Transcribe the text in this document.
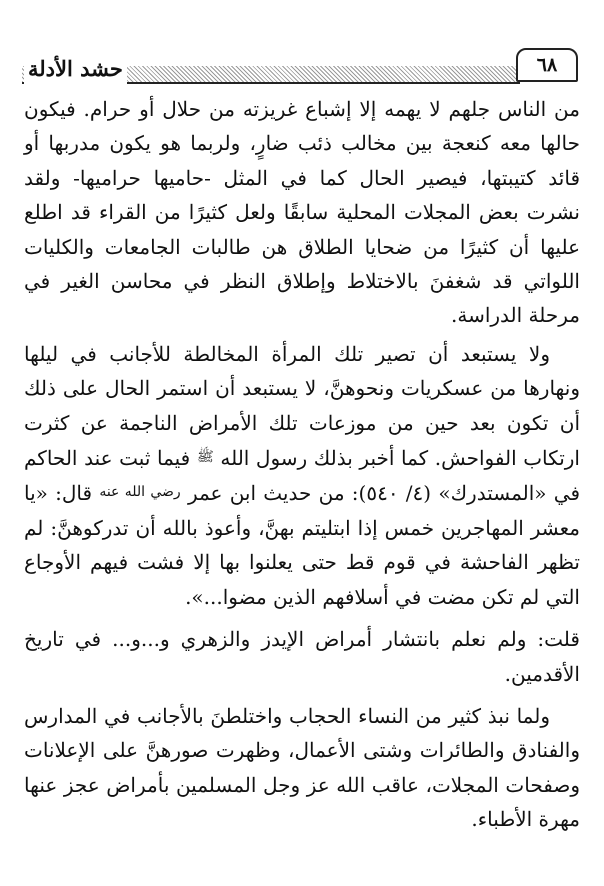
حشد الأدلة	٦٨

من الناس جلهم لا يهمه إلا إشباع غريزته من حلال أو حرام. فيكون حالها معه كنعجة بين مخالب ذئب ضارٍ، ولربما هو يكون مدربها أو قائد كتيبتها، فيصير الحال كما في المثل -حاميها حراميها- ولقد نشرت بعض المجلات المحلية سابقًا ولعل كثيرًا من القراء قد اطلع عليها أن كثيرًا من ضحايا الطلاق هن طالبات الجامعات والكليات اللواتي قد شغفنَ بالاختلاط وإطلاق النظر في محاسن الغير في مرحلة الدراسة.

ولا يستبعد أن تصير تلك المرأة المخالطة للأجانب في ليلها ونهارها من عسكريات ونحوهنَّ، لا يستبعد أن استمر الحال على ذلك أن تكون بعد حين من موزعات تلك الأمراض الناجمة عن كثرت ارتكاب الفواحش. كما أخبر بذلك رسول الله $^ﷺ$ فيما ثبت عند الحاكم في «المستدرك» (٤/ ٥٤٠): من حديث ابن عمر $^{رضي الله عنه}$ قال: «يا معشر المهاجرين خمس إذا ابتليتم بهنَّ، وأعوذ بالله أن تدركوهنَّ: لم تظهر الفاحشة في قوم قط حتى يعلنوا بها إلا فشت فيهم الأوجاع التي لم تكن مضت في أسلافهم الذين مضوا...».

قلت: ولم نعلم بانتشار أمراض الإيدز والزهري و...و... في تاريخ الأقدمين.

ولما نبذ كثير من النساء الحجاب واختلطنَ بالأجانب في المدارس والفنادق والطائرات وشتى الأعمال، وظهرت صورهنَّ على الإعلانات وصفحات المجلات، عاقب الله عز وجل المسلمين بأمراض عجز عنها مهرة الأطباء.
